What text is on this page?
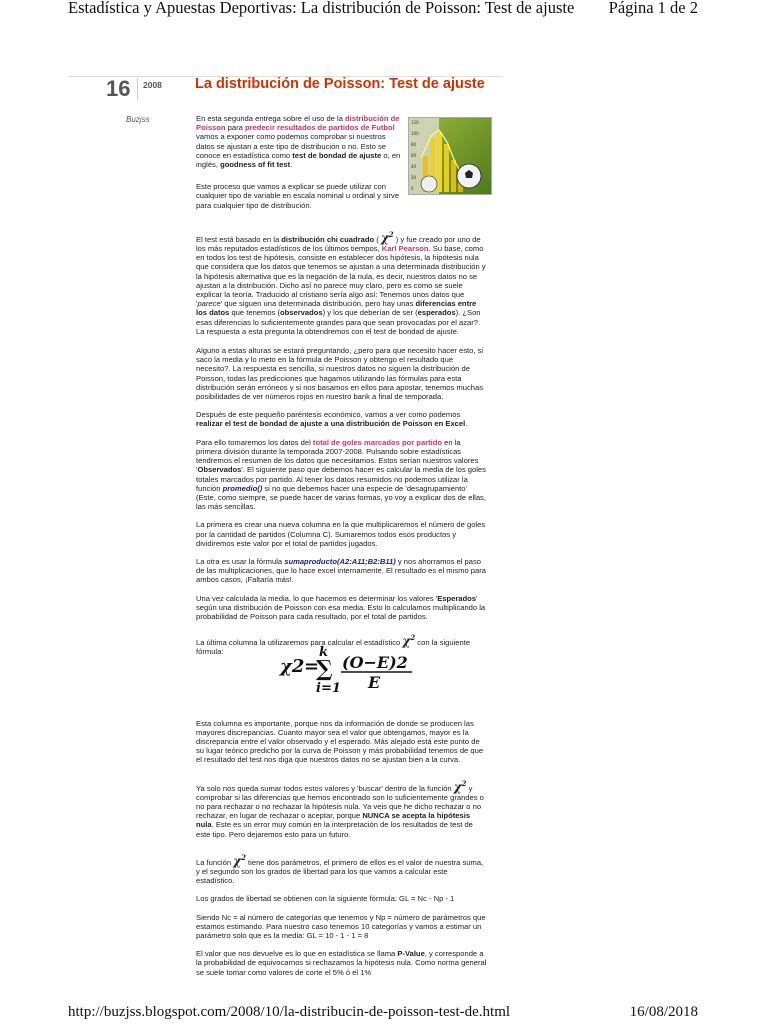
Estadística y Apuestas Deportivas: La distribución de Poisson: Test de ajuste Página 1 de 2
16 2008
Buzjss
La distribución de Poisson: Test de ajuste
120
100
80
60
40
20
0

En esta segunda entrega sobre el uso de la distribución de Poisson para predecir resultados de partidos de Futbol vamos a exponer como podemos comprobar si nuestros datos se ajustan a este tipo de distribución o no. Esto se conoce en estadística como test de bondad de ajuste o, en inglés, goodness of fit test.

Este proceso que vamos a explicar se puede utilizar con cualquier tipo de variable en escala nominal u ordinal y sirve para cualquier tipo de distribución.

El test está basado en la distribución chi cuadrado ( $\chi^2$ ) y fue creado por uno de los más reputados estadísticos de los últimos tiempos, Karl Pearson. Su base, como en todos los test de hipótesis, consiste en establecer dos hipótesis, la hipótesis nula que considera que los datos que tenemos se ajustan a una determinada distribución y la hipótesis alternativa que es la negación de la nula, es decir, nuestros datos no se ajustan a la distribución. Dicho así no parece muy claro, pero es como se suele explicar la teoría. Traducido al cristiano sería algo así: Tenemos unos datos que 'parece' que siguen una determinada distribución, pero hay unas diferencias entre los datos que tenemos (observados) y los que deberían de ser (esperados). ¿Son esas diferencias lo suficientemente grandes para que sean provocadas por el azar?. La respuesta a esta pregunta la obtendremos con el test de bondad de ajuste.

Alguno a estas alturas se estará preguntando, ¿pero para que necesito hacer esto, si saco la media y lo meto en la fórmula de Poisson y obtengo el resultado que necesito?. La respuesta es sencilla, si nuestros datos no siguen la distribución de Poisson, todas las predicciones que hagamos utilizando las fórmulas para esta distribución serán erróneos y si nos basamos en ellos para apostar, tenemos muchas posibilidades de ver números rojos en nuestro bank a final de temporada.

Después de este pequeño paréntesis económico, vamos a ver como podemos realizar el test de bondad de ajuste a una distribución de Poisson en Excel.

Para ello tomaremos los datos del total de goles marcados por partido en la primera división durante la temporada 2007-2008. Pulsando sobre estadísticas tendremos el resumen de los datos que necesitamos. Estos serían nuestros valores 'Observados'. El siguiente paso que debemos hacer es calcular la media de los goles totales marcados por partido. Al tener los datos resumidos no podemos utilizar la función promedio() si no que debemos hacer una especie de 'desagrupamiento' (Este, como siempre, se puede hacer de varias formas, yo voy a explicar dos de ellas, las más sencillas.

La primera es crear una nueva columna en la que multiplicaremos el número de goles por la cantidad de partidos (Columna C). Sumaremos todos esos productos y dividiremos este valor por el total de partidos jugados.

La otra es usar la fórmula sumaproducto(A2:A11;B2:B11) y nos ahorramos el paso de las multiplicaciones, que lo hace excel internamente. El resultado es el mismo para ambos casos, ¡Faltaría más!.

Una vez calculada la media, lo que hacemos es determinar los valores 'Esperados' según una distribución de Poisson con esa media. Esto lo calculamos multiplicando la probabilidad de Poisson para cada resultado, por el total de partidos.

La última columna la utilizaremos para calcular el estadístico $\chi^2$ con la siguiente fórmula:

Esta columna es importante, porque nos da información de donde se producen las mayores discrepancias. Cuanto mayor sea el valor que obtengamos, mayor es la discrepancia entre el valor observado y el esperado. Más alejado está este punto de su lugar teórico predicho por la curva de Poisson y más probabilidad tenemos de que el resultado del test nos diga que nuestros datos no se ajustan bien a la curva.

Ya solo nos queda sumar todos estos valores y 'buscar' dentro de la función $\chi^2$ y comprobar si las diferencias que hemos encontrado son lo suficientemente grandes o no para rechazar o no rechazar la hipótesis nula. Ya veis que he dicho rechazar o no rechazar, en lugar de rechazar o aceptar, porque NUNCA se acepta la hipótesis nula. Este es un error muy común en la interpretación de los resultados de test de este tipo. Pero dejaremos esto para un futuro.

La función $\chi^2$ tiene dos parámetros, el primero de ellos es el valor de nuestra suma, y el segundo son los grados de libertad para los que vamos a calcular este estadístico.

Los grados de libertad se obtienen con la siguiente fórmula: GL = Nc - Np - 1

Siendo Nc = al número de categorías que tenemos y Np = número de parámetros que estamos estimando. Para nuestro caso tenemos 10 categorías y vamos a estimar un parámetro solo que es la media: GL = 10 - 1 - 1 = 8

El valor que nos devuelve es lo que en estadística se llama P-Value, y corresponde a la probabilidad de equivocarnos si rechazamos la hipótesis nula. Como norma general se suele tomar como valores de corte el 5% ó el 1%

χ2 =
k
∑
i=1
(O−E)2
E
http://buzjss.blogspot.com/2008/10/la-distribucin-de-poisson-test-de.html	16/08/2018
